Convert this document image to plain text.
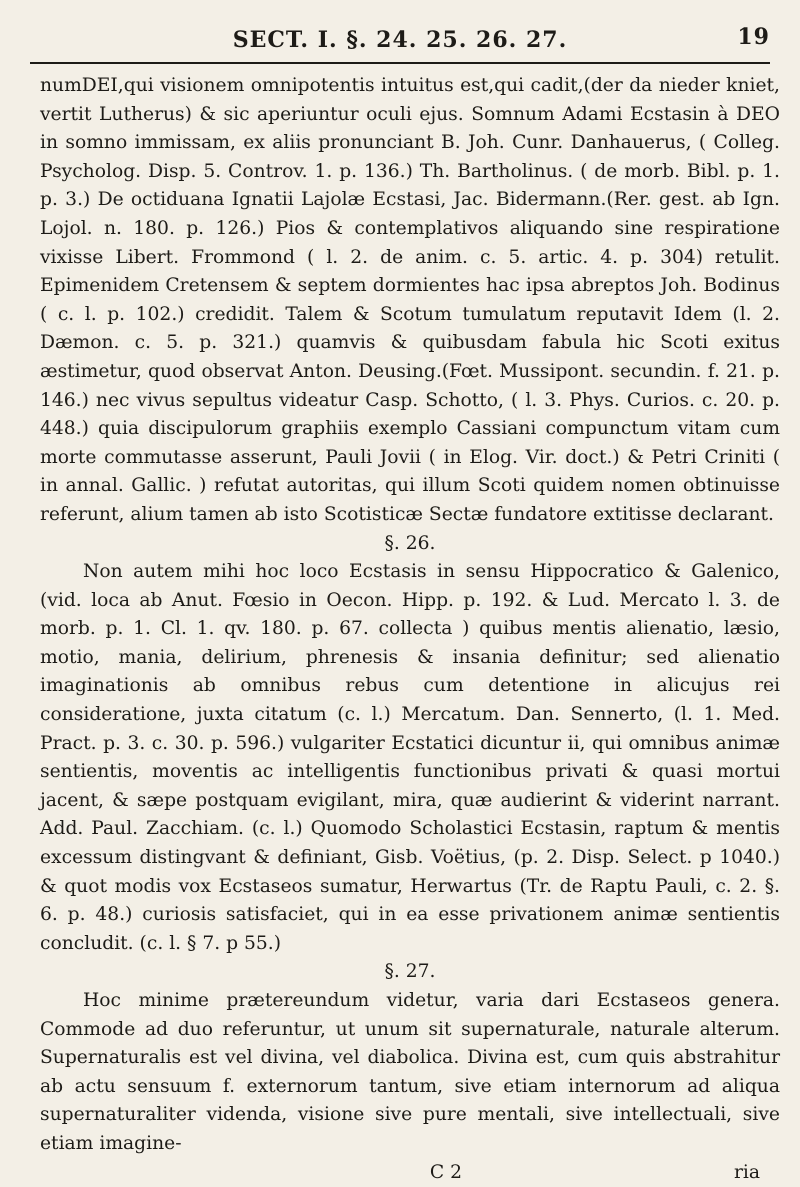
SECT. I. §. 24. 25. 26. 27.	19

numDEI,qui visionem omnipotentis intuitus est,qui cadit,(der da nieder kniet, vertit Lutherus) & sic aperiuntur oculi ejus. Somnum Adami Ecstasin à DEO in somno immissam, ex aliis pronunciant B. Joh. Cunr. Danhauerus, ( Colleg. Psycholog. Disp. 5. Controv. 1. p. 136.) Th. Bartholinus. ( de morb. Bibl. p. 1. p. 3.) De octiduana Ignatii Lajolæ Ecstasi, Jac. Bidermann.(Rer. gest. ab Ign. Lojol. n. 180. p. 126.) Pios & contemplativos aliquando sine respiratione vixisse Libert. Frommond ( l. 2. de anim. c. 5. artic. 4. p. 304) retulit. Epimenidem Cretensem & septem dormientes hac ipsa abreptos Joh. Bodinus ( c. l. p. 102.) credidit. Talem & Scotum tumulatum reputavit Idem (l. 2. Dæmon. c. 5. p. 321.) quamvis & quibusdam fabula hic Scoti exitus æstimetur, quod observat Anton. Deusing.(Fœt. Mussipont. secundin. f. 21. p. 146.) nec vivus sepultus videatur Casp. Schotto, ( l. 3. Phys. Curios. c. 20. p. 448.) quia discipulorum graphiis exemplo Cassiani compunctum vitam cum morte commutasse asserunt, Pauli Jovii ( in Elog. Vir. doct.) & Petri Criniti ( in annal. Gallic. ) refutat autoritas, qui illum Scoti quidem nomen obtinuisse referunt, alium tamen ab isto Scotisticæ Sectæ fundatore extitisse declarant.

§. 26.

Non autem mihi hoc loco Ecstasis in sensu Hippocratico & Galenico, (vid. loca ab Anut. Fœsio in Oecon. Hipp. p. 192. & Lud. Mercato l. 3. de morb. p. 1. Cl. 1. qv. 180. p. 67. collecta ) quibus mentis alienatio, læsio, motio, mania, delirium, phrenesis & insania definitur; sed alienatio imaginationis ab omnibus rebus cum detentione in alicujus rei consideratione, juxta citatum (c. l.) Mercatum. Dan. Sennerto, (l. 1. Med. Pract. p. 3. c. 30. p. 596.) vulgariter Ecstatici dicuntur ii, qui omnibus animæ sentientis, moventis ac intelligentis functionibus privati & quasi mortui jacent, & sæpe postquam evigilant, mira, quæ audierint & viderint narrant. Add. Paul. Zacchiam. (c. l.) Quomodo Scholastici Ecstasin, raptum & mentis excessum distingvant & definiant, Gisb. Voëtius, (p. 2. Disp. Select. p 1040.) & quot modis vox Ecstaseos sumatur, Herwartus (Tr. de Raptu Pauli, c. 2. §. 6. p. 48.) curiosis satisfaciet, qui in ea esse privationem animæ sentientis concludit. (c. l. § 7. p 55.)

§. 27.

Hoc minime prætereundum videtur, varia dari Ecstaseos genera. Commode ad duo referuntur, ut unum sit supernaturale, naturale alterum. Supernaturalis est vel divina, vel diabolica. Divina est, cum quis abstrahitur ab actu sensuum f. externorum tantum, sive etiam internorum ad aliqua supernaturaliter videnda, visione sive pure mentali, sive intellectuali, sive etiam imagine-

C 2	ria
